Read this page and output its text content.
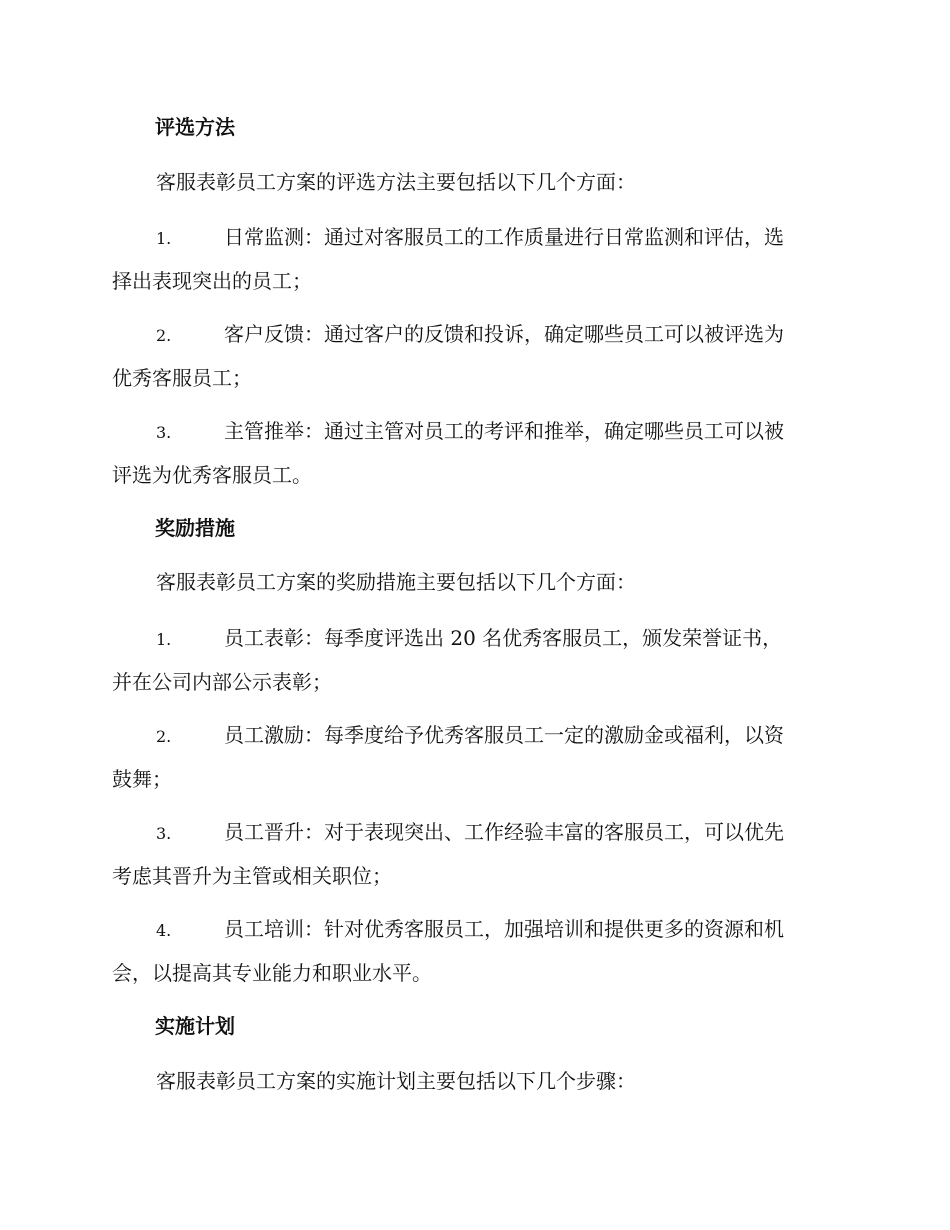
评选方法
客服表彰员工方案的评选方法主要包括以下几个方面：
1.	日常监测：通过对客服员工的工作质量进行日常监测和评估，选
择出表现突出的员工；
2.	客户反馈：通过客户的反馈和投诉，确定哪些员工可以被评选为
优秀客服员工；
3.	主管推举：通过主管对员工的考评和推举，确定哪些员工可以被
评选为优秀客服员工。
奖励措施
客服表彰员工方案的奖励措施主要包括以下几个方面：
1.	员工表彰：每季度评选出 20 名优秀客服员工，颁发荣誉证书，
并在公司内部公示表彰；
2.	员工激励：每季度给予优秀客服员工一定的激励金或福利，以资
鼓舞；
3.	员工晋升：对于表现突出、工作经验丰富的客服员工，可以优先
考虑其晋升为主管或相关职位；
4.	员工培训：针对优秀客服员工，加强培训和提供更多的资源和机
会，以提高其专业能力和职业水平。
实施计划
客服表彰员工方案的实施计划主要包括以下几个步骤：
